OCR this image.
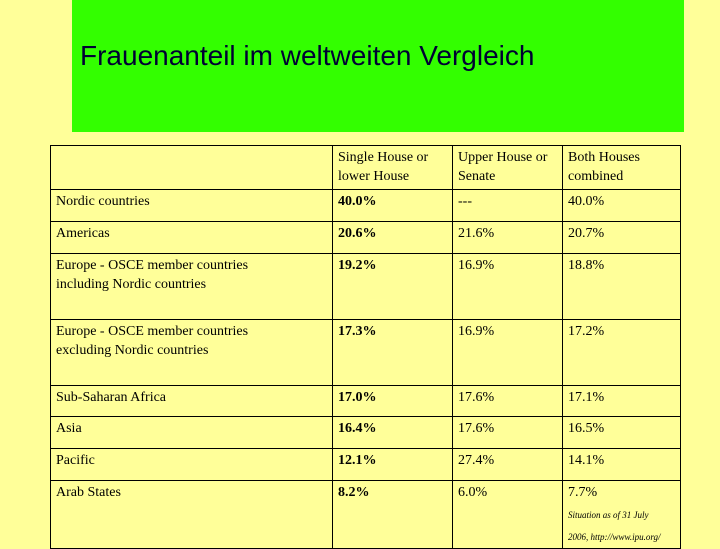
Frauenanteil im weltweiten Vergleich
	Single House or lower House	Upper House or Senate	Both Houses combined
Nordic countries	40.0%	---	40.0%
Americas	20.6%	21.6%	20.7%
Europe - OSCE member countries
including Nordic countries	19.2%	16.9%	18.8%
Europe - OSCE member countries
excluding Nordic countries	17.3%	16.9%	17.2%
Sub-Saharan Africa	17.0%	17.6%	17.1%
Asia	16.4%	17.6%	16.5%
Pacific	12.1%	27.4%	14.1%
Arab States	8.2%	6.0%	7.7%
Situation as of 31 July
2006, http://www.ipu.org/
